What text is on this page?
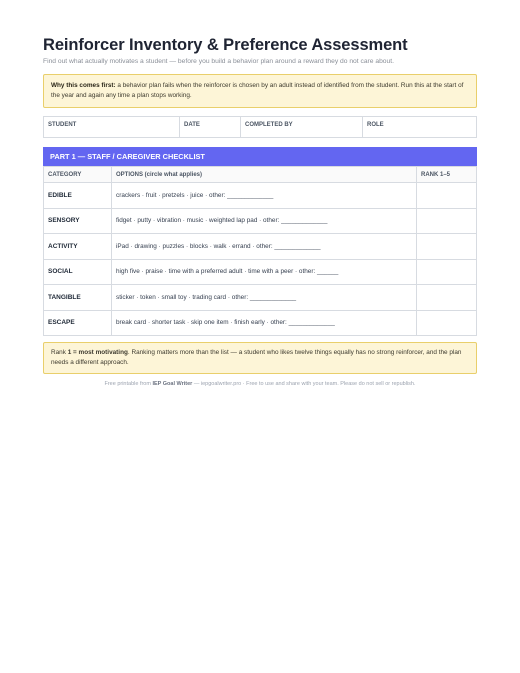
Reinforcer Inventory & Preference Assessment
Find out what actually motivates a student — before you build a behavior plan around a reward they do not care about.
Why this comes first: a behavior plan fails when the reinforcer is chosen by an adult instead of identified from the student. Run this at the start of the year and again any time a plan stops working.
STUDENT	DATE	COMPLETED BY	ROLE
PART 1 — STAFF / CAREGIVER CHECKLIST
CATEGORY	OPTIONS (circle what applies)	RANK 1–5
EDIBLE	crackers · fruit · pretzels · juice · other: _____________	
SENSORY	fidget · putty · vibration · music · weighted lap pad · other: _____________	
ACTIVITY	iPad · drawing · puzzles · blocks · walk · errand · other: _____________	
SOCIAL	high five · praise · time with a preferred adult · time with a peer · other: ______	
TANGIBLE	sticker · token · small toy · trading card · other: _____________	
ESCAPE	break card · shorter task · skip one item · finish early · other: _____________	
Rank 1 = most motivating. Ranking matters more than the list — a student who likes twelve things equally has no strong reinforcer, and the plan needs a different approach.
Free printable from IEP Goal Writer — iepgoalwriter.pro · Free to use and share with your team. Please do not sell or republish.
